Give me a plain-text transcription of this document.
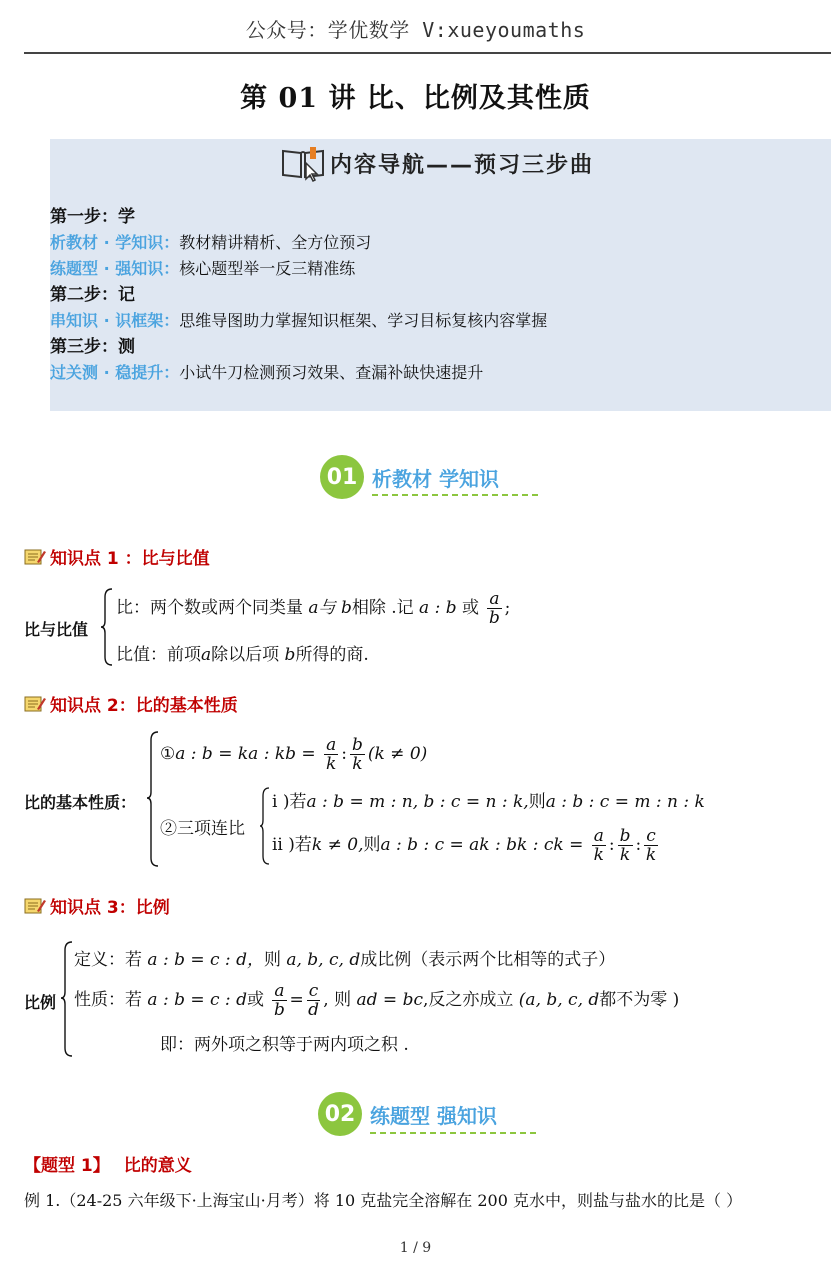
公众号：学优数学 V:xueyoumaths
第 01 讲 比、比例及其性质
内容导航——预习三步曲
第一步：学
析教材 · 学知识：教材精讲精析、全方位预习
练题型 · 强知识：核心题型举一反三精准练
第二步：记
串知识 · 识框架：思维导图助力掌握知识框架、学习目标复核内容掌握
第三步：测
过关测 · 稳提升：小试牛刀检测预习效果、查漏补缺快速提升
01 析教材 学知识
知识点 1 ：比与比值
比与比值
比：两个数或两个同类量 a与 b相除 .记 a : b 或 $\frac{a}{b}$ ;
比值：前项a除以后项 b所得的商.
知识点 2：比的基本性质
比的基本性质：
①a : b = ka : kb = $\frac{a}{k}$ : $\frac{b}{k} (k \ne 0)$
②三项连比
i )若a : b = m : n, b : c = n : k,则a : b : c = m : n : k
ii )若k ≠ 0,则a : b : c = ak : bk : ck = $\frac{a}{k}$ : $\frac{b}{k}$ : $\frac{c}{k}$
知识点 3：比例
比例
定义：若 a : b = c : d，则 a, b, c, d成比例（表示两个比相等的式子）
性质：若 a : b = c : d或 $\frac{a}{b} = \frac{c}{d}$ , 则 ad = bc,反之亦成立 (a, b, c, d都不为零 )
即：两外项之积等于两内项之积 .
02 练题型 强知识
【题型 1】 比的意义
例 1.（24-25 六年级下·上海宝山·月考）将 10 克盐完全溶解在 200 克水中，则盐与盐水的比是（ ）
1 / 9
